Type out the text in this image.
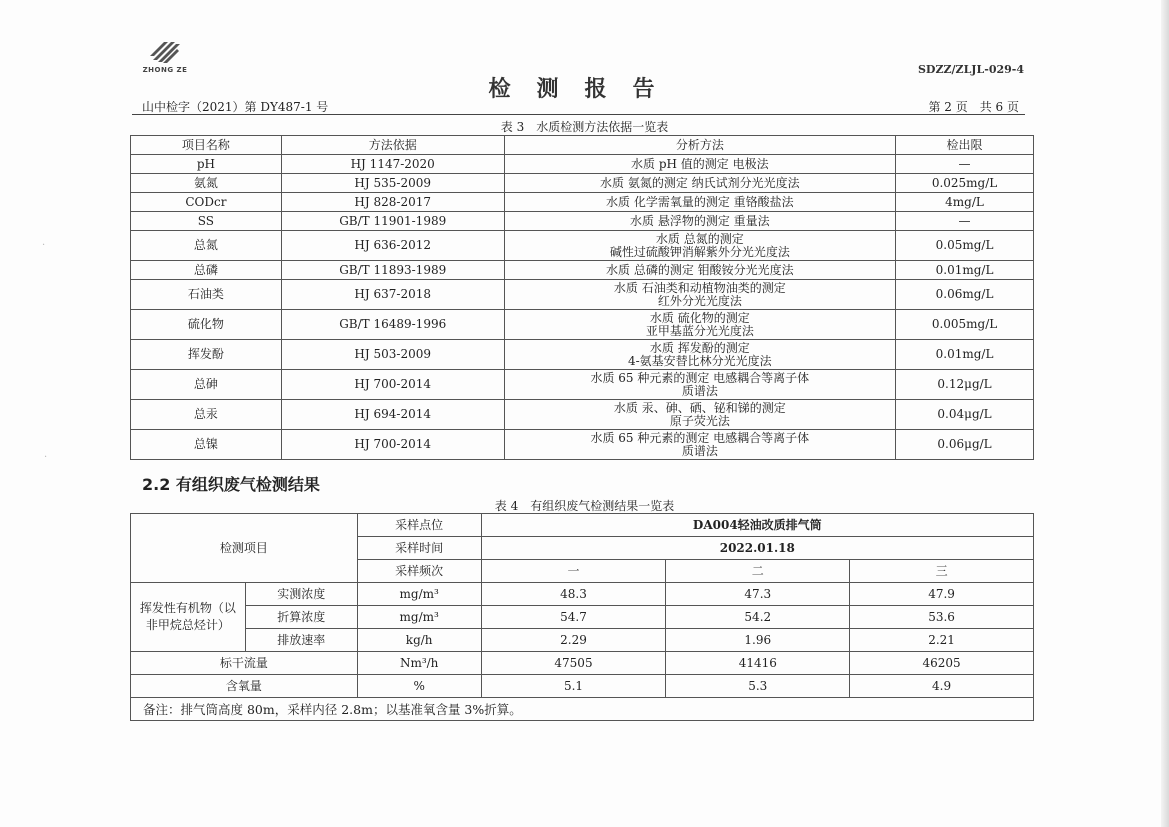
ZHONG ZE	SDZZ/ZLJL-029-4
检测报告
山中检字（2021）第 DY487-1 号	第 2 页　共 6 页
表 3　水质检测方法依据一览表
项目名称	方法依据	分析方法	检出限
pH	HJ 1147-2020	水质 pH 值的测定 电极法	—
氨氮	HJ 535-2009	水质 氨氮的测定 纳氏试剂分光光度法	0.025mg/L
CODcr	HJ 828-2017	水质 化学需氧量的测定 重铬酸盐法	4mg/L
SS	GB/T 11901-1989	水质 悬浮物的测定 重量法	—
总氮	HJ 636-2012	水质 总氮的测定
碱性过硫酸钾消解紫外分光光度法	0.05mg/L
总磷	GB/T 11893-1989	水质 总磷的测定 钼酸铵分光光度法	0.01mg/L
石油类	HJ 637-2018	水质 石油类和动植物油类的测定
红外分光光度法	0.06mg/L
硫化物	GB/T 16489-1996	水质 硫化物的测定
亚甲基蓝分光光度法	0.005mg/L
挥发酚	HJ 503-2009	水质 挥发酚的测定
4-氨基安替比林分光光度法	0.01mg/L
总砷	HJ 700-2014	水质 65 种元素的测定 电感耦合等离子体
质谱法	0.12μg/L
总汞	HJ 694-2014	水质 汞、砷、硒、铋和锑的测定
原子荧光法	0.04μg/L
总镍	HJ 700-2014	水质 65 种元素的测定 电感耦合等离子体
质谱法	0.06μg/L
2.2 有组织废气检测结果
表 4　有组织废气检测结果一览表
检测项目		采样点位	DA004轻油改质排气筒		
		采样时间	2022.01.18		
		采样频次	一	二	三
挥发性有机物（以非甲烷总烃计）	实测浓度	mg/m³	48.3	47.3	47.9
	折算浓度	mg/m³	54.7	54.2	53.6
	排放速率	kg/h	2.29	1.96	2.21
标干流量		Nm³/h	47505	41416	46205
含氧量		%	5.1	5.3	4.9
备注：排气筒高度 80m，采样内径 2.8m；以基准氧含量 3%折算。					
·
·
